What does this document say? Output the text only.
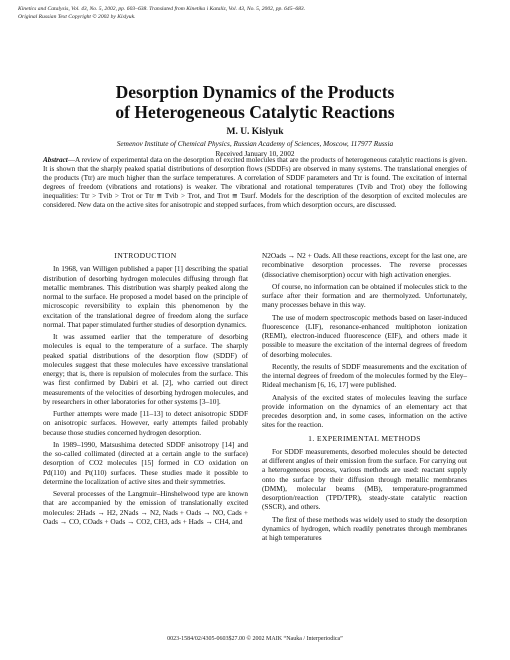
Kinetics and Catalysis, Vol. 43, No. 5, 2002, pp. 603–638. Translated from Kinetika i Kataliz, Vol. 43, No. 5, 2002, pp. 645–683.
Original Russian Text Copyright © 2002 by Kislyuk.
Desorption Dynamics of the Products
of Heterogeneous Catalytic Reactions
M. U. Kislyuk
Semenov Institute of Chemical Physics, Russian Academy of Sciences, Moscow, 117977 Russia
Received January 10, 2002
Abstract—A review of experimental data on the desorption of excited molecules that are the products of heterogeneous catalytic reactions is given. It is shown that the sharply peaked spatial distributions of desorption flows (SDDFs) are observed in many systems. The translational energies of the products (Ttr) are much higher than the surface temperatures. A correlation of SDDF parameters and Ttr is found. The excitation of internal degrees of freedom (vibrations and rotations) is weaker. The vibrational and rotational temperatures (Tvib and Trot) obey the following inequalities: Ttr > Tvib > Trot or Ttr ≅ Tvib > Trot, and Trot ≅ Tsurf. Models for the description of the desorption of excited molecules are considered. New data on the active sites for anisotropic and stepped surfaces, from which desorption occurs, are discussed.
INTRODUCTION

In 1968, van Willigen published a paper [1] describing the spatial distribution of desorbing hydrogen molecules diffusing through flat metallic membranes. This distribution was sharply peaked along the normal to the surface. He proposed a model based on the principle of microscopic reversibility to explain this phenomenon by the excitation of the translational degree of freedom along the surface normal. That paper stimulated further studies of desorption dynamics.

It was assumed earlier that the temperature of desorbing molecules is equal to the temperature of a surface. The sharply peaked spatial distributions of the desorption flow (SDDF) of molecules suggest that these molecules have excessive translational energy; that is, there is repulsion of molecules from the surface. This was first confirmed by Dabiri et al. [2], who carried out direct measurements of the velocities of desorbing hydrogen molecules, and by researchers in other laboratories for other systems [3–10].

Further attempts were made [11–13] to detect anisotropic SDDF on anisotropic surfaces. However, early attempts failed probably because those studies concerned hydrogen desorption.

In 1989–1990, Matsushima detected SDDF anisotropy [14] and the so-called collimated (directed at a certain angle to the surface) desorption of CO2 molecules [15] formed in CO oxidation on Pd(110) and Pt(110) surfaces. These studies made it possible to determine the localization of active sites and their symmetries.

Several processes of the Langmuir–Hinshelwood type are known that are accompanied by the emission of translationally excited molecules: 2Hads → H2, 2Nads → N2, Nads + Oads → NO, Cads + Oads → CO, COads + Oads → CO2, CH3, ads + Hads → CH4, and

N2Oads → N2 + Oads. All these reactions, except for the last one, are recombinative desorption processes. The reverse processes (dissociative chemisorption) occur with high activation energies.

Of course, no information can be obtained if molecules stick to the surface after their formation and are thermolyzed. Unfortunately, many processes behave in this way.

The use of modern spectroscopic methods based on laser-induced fluorescence (LIF), resonance-enhanced multiphoton ionization (REMI), electron-induced fluorescence (EIF), and others made it possible to measure the excitation of the internal degrees of freedom of desorbing molecules.

Recently, the results of SDDF measurements and the excitation of the internal degrees of freedom of the molecules formed by the Eley–Rideal mechanism [6, 16, 17] were published.

Analysis of the excited states of molecules leaving the surface provide information on the dynamics of an elementary act that precedes desorption and, in some cases, information on the active sites for the reaction.

1. EXPERIMENTAL METHODS

For SDDF measurements, desorbed molecules should be detected at different angles of their emission from the surface. For carrying out a heterogeneous process, various methods are used: reactant supply onto the surface by their diffusion through metallic membranes (DMM), molecular beams (MB), temperature-programmed desorption/reaction (TPD/TPR), steady-state catalytic reaction (SSCR), and others.

The first of these methods was widely used to study the desorption dynamics of hydrogen, which readily penetrates through membranes at high temperatures

0023-1584/02/4305-0603$27.00 © 2002 MAIK “Nauka / Interperiodica”
